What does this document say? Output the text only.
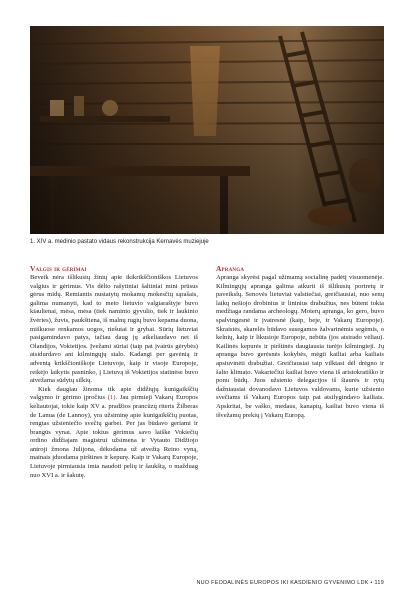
1. XIV a. medinio pastato vidaus rekonstrukcija Kernavės muziejuje
Valgis ir gėrimai

Beveik nėra išlikusių žinių apie ikikrikščioniškos Lietuvos valgius ir gėrimus. Vis dėlto rašytiniai šaltiniai mini prūsus gėrus midų. Remiantis nustatytų mokamų mokesčių sąrašais, galima numanyti, kad to meto lietuvio valgiaraštyje buvo kiaulienai, mėsa, mėsa (tiek naminio gyvulio, tiek ir laukinio žvėries), žuvis, paukštiena, iš malnų rugių buvo kepama duona, miškuose renkamos uogos, riešutai ir grybai. Sūrių lietuviai pasigamindavo patys, tačiau daug jų atkeliaudavo net iš Olandijos, Vokietijos. Įvežami sūriai (taip pat įvairūs gėrybės) atsidurdavo ant kilmingųjų stalo. Kadangi per gavėnią ir adventą krikščioniškoje Lietuvoje, kaip ir visoje Europoje, reikėjo laikytis pasninko, į Lietuvą iš Vokietijos statinėse buvo atvežama sūdytų silkių.

Kiek daugiau žinoma tik apie didžiųjų kunigaikščių valgymo ir gėrimo įpročius (1). Jau pirmieji Vakarų Europos keliautojai, tokie kaip XV a. pradžios prancūzų riteris Žilberas de Lanua (de Lannoy), yra užsiminę apie kunigaikščių puotas, rengtas užsieniečio svečių garbei. Per jas būdavo geriami ir brangūs vynai. Apie tokius gėrimus savo laiške Vokiečių ordino didžiajam magistrui užsimena ir Vytauto Didžiojo antroji žmona Julijona, dėkodama už atvežtą Reino vyną, mainais įduodama pirštines ir kepurę. Kaip ir Vakarų Europoje, Lietuvoje pirmiausia imta naudoti pelių ir šaukštą, o mažduag nuo XVI a. ir šakutę.

Apranga

Apranga skyrėsi pagal užimamą socialinę padėtį visuomenėje. Kilmingųjų apranga galima atkurti iš išlikusių portretų ir paveikslų. Senovės lietuviai valstiečiai, greičiausiai, nuo senų laikų nešiojo drobinius ir lininius drabužius, nes būtent tokia medžiaga randama archeologų. Moterų apranga, ko gero, buvo spalvingesnė ir įvairesnė (kaip, beje, ir Vakarų Europoje). Skraistės, skarelės būdavo susegamos žalvarinėmis segėmis, o kelnių, kaip ir likusioje Europoje, nebūta (jos atsirado vėliau). Kailinės kepurės ir pirštinės daugiausia turėjo kilmingieji. Jų apranga buvo gerėsnės kokybės, mėgti kailiai arba kailiais apsiuvinėti drabužiai. Greičiausiai taip vilktasi dėl drėgno ir šalto klimato. Vakariečiui kailiai buvo viena iš aristokratiško ir ponu būdų. Juos užsienio delegacijos iš šiaurės ir rytų dažniausiai dovanodavo Lietuvos valdovams, kurie užsienio svečiams iš Vakarų Europos taip pat atsilygindavo kailiais. Apskritai, be vaško, medaus, kanapių, kailiai buvo viena iš išvežamų prekių į Vakarų Europą.

NUO FEODALINĖS EUROPOS IKI KASDIENIO GYVENIMO LDK • 119
